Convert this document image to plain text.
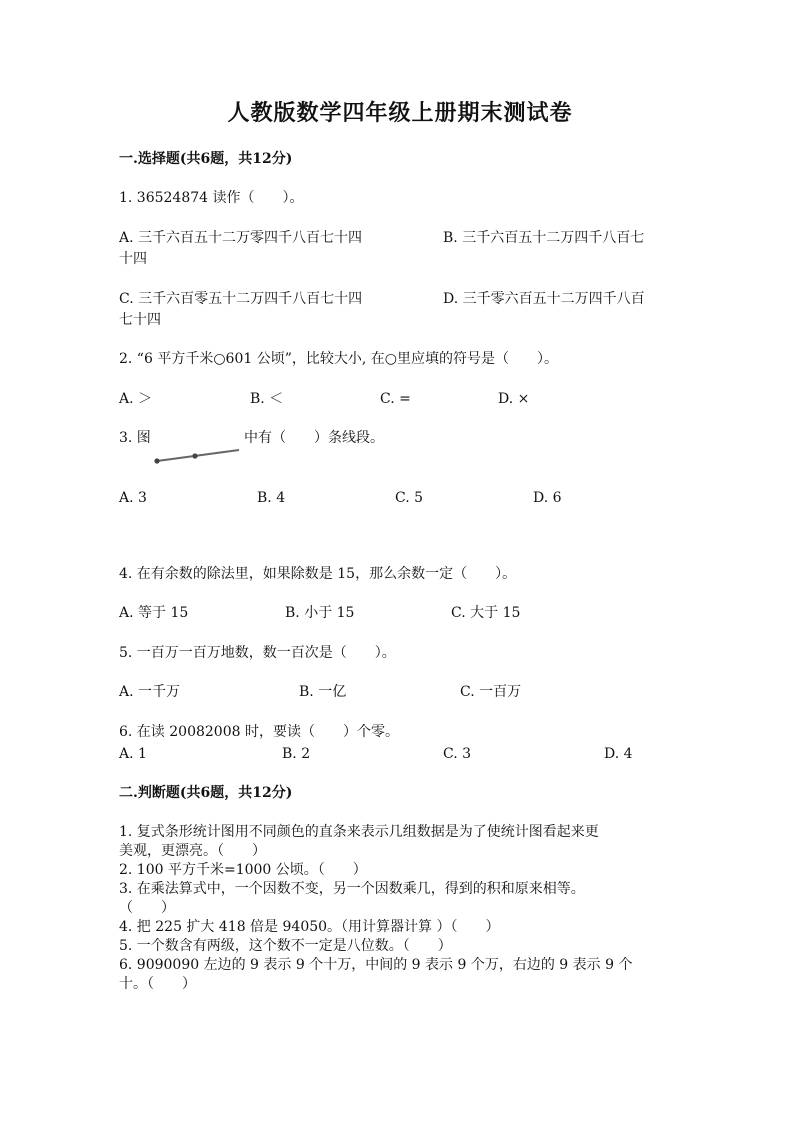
人教版数学四年级上册期末测试卷
一.选择题(共6题，共12分)
1. 36524874 读作（　　）。
A. 三千六百五十二万零四千八百七十四	B. 三千六百五十二万四千八百七
十四
C. 三千六百零五十二万四千八百七十四	D. 三千零六百五十二万四千八百
七十四
2. “6 平方千米○601 公顷”，比较大小, 在○里应填的符号是（　　）。
A. ＞	B. ＜	C. =	D. ×
3. 图	中有（　　）条线段。
A. 3	B. 4	C. 5	D. 6
4. 在有余数的除法里，如果除数是 15，那么余数一定（　　）。
A. 等于 15	B. 小于 15	C. 大于 15
5. 一百万一百万地数，数一百次是（　　）。
A. 一千万	B. 一亿	C. 一百万
6. 在读 20082008 时，要读（　　）个零。
A. 1	B. 2	C. 3	D. 4
二.判断题(共6题，共12分)
1. 复式条形统计图用不同颜色的直条来表示几组数据是为了使统计图看起来更
美观，更漂亮。（　　）
2. 100 平方千米=1000 公顷。（　　）
3. 在乘法算式中，一个因数不变，另一个因数乘几，得到的积和原来相等。
（　　）
4. 把 225 扩大 418 倍是 94050。（用计算器计算 ）（　　）
5. 一个数含有两级，这个数不一定是八位数。（　　）
6. 9090090 左边的 9 表示 9 个十万，中间的 9 表示 9 个万，右边的 9 表示 9 个
十。（　　）
